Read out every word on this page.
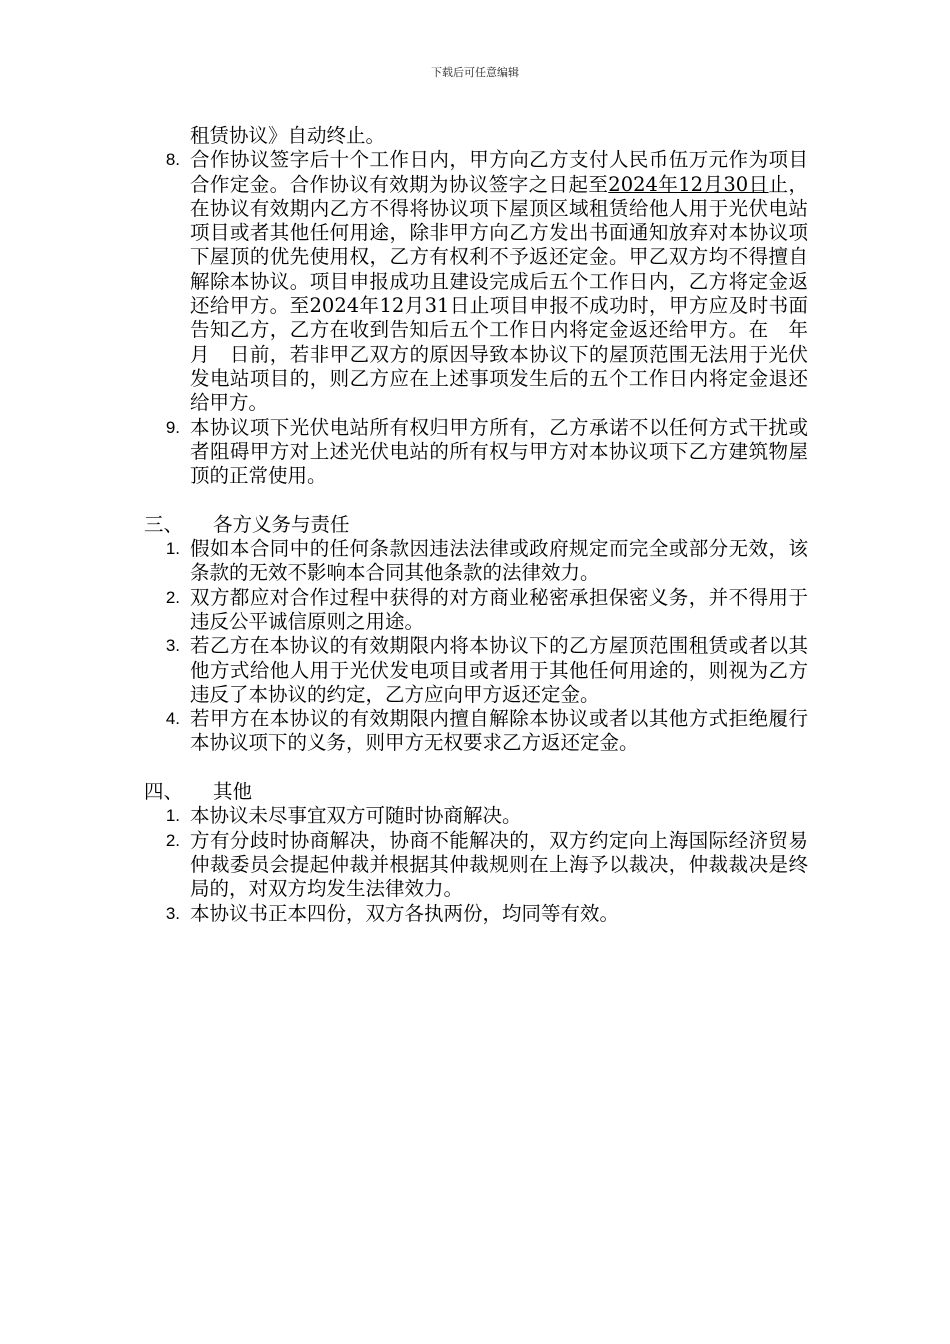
下载后可任意编辑
租赁协议》自动终止。
8. 合作协议签字后十个工作日内，甲方向乙方支付人民币伍万元作为项目合作定金。合作协议有效期为协议签字之日起至2024年12月30日止，在协议有效期内乙方不得将协议项下屋顶区域租赁给他人用于光伏电站项目或者其他任何用途，除非甲方向乙方发出书面通知放弃对本协议项下屋顶的优先使用权，乙方有权利不予返还定金。甲乙双方均不得擅自解除本协议。项目申报成功且建设完成后五个工作日内，乙方将定金返还给甲方。至2024年12月31日止项目申报不成功时，甲方应及时书面告知乙方，乙方在收到告知后五个工作日内将定金返还给甲方。在　年　月　日前，若非甲乙双方的原因导致本协议下的屋顶范围无法用于光伏发电站项目的，则乙方应在上述事项发生后的五个工作日内将定金退还给甲方。
9. 本协议项下光伏电站所有权归甲方所有，乙方承诺不以任何方式干扰或者阻碍甲方对上述光伏电站的所有权与甲方对本协议项下乙方建筑物屋顶的正常使用。
三、 各方义务与责任
1. 假如本合同中的任何条款因违法法律或政府规定而完全或部分无效，该条款的无效不影响本合同其他条款的法律效力。
2. 双方都应对合作过程中获得的对方商业秘密承担保密义务，并不得用于违反公平诚信原则之用途。
3. 若乙方在本协议的有效期限内将本协议下的乙方屋顶范围租赁或者以其他方式给他人用于光伏发电项目或者用于其他任何用途的，则视为乙方违反了本协议的约定，乙方应向甲方返还定金。
4. 若甲方在本协议的有效期限内擅自解除本协议或者以其他方式拒绝履行本协议项下的义务，则甲方无权要求乙方返还定金。
四、 其他
1. 本协议未尽事宜双方可随时协商解决。
2. 方有分歧时协商解决，协商不能解决的，双方约定向上海国际经济贸易仲裁委员会提起仲裁并根据其仲裁规则在上海予以裁决，仲裁裁决是终局的，对双方均发生法律效力。
3. 本协议书正本四份，双方各执两份，均同等有效。
